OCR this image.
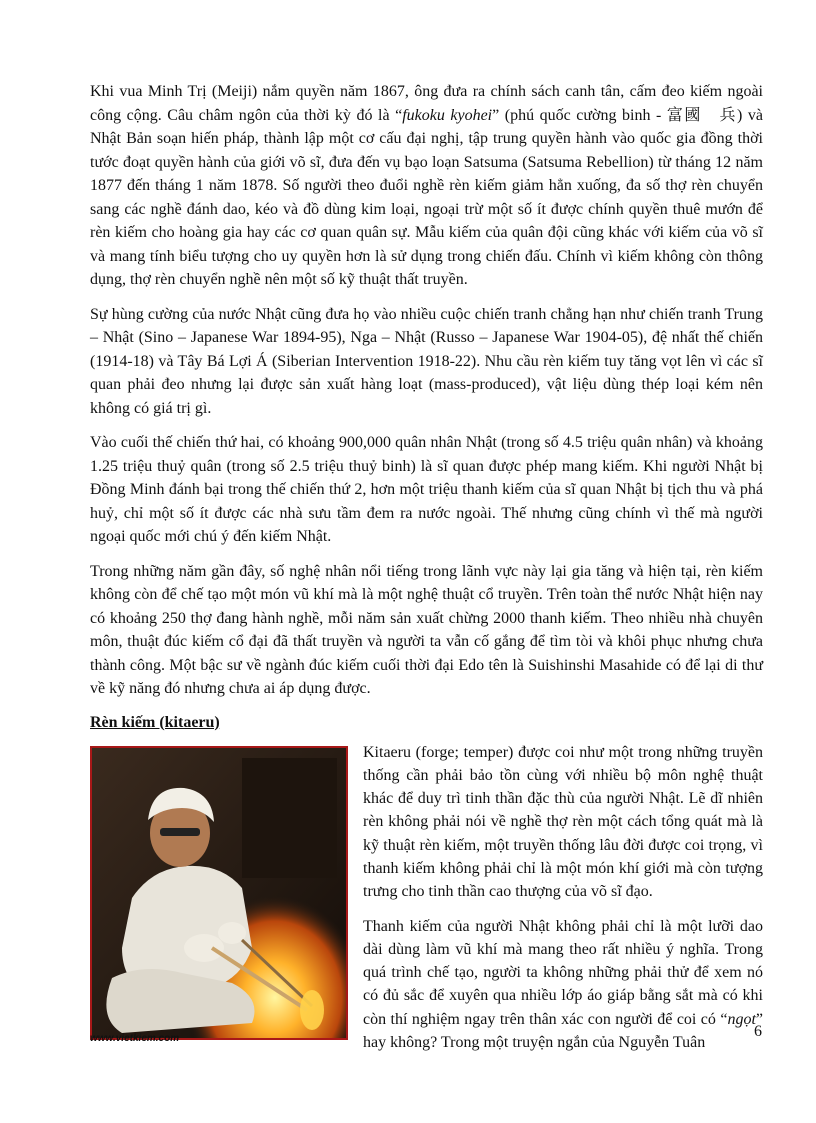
Khi vua Minh Trị (Meiji) nắm quyền năm 1867, ông đưa ra chính sách canh tân, cấm đeo kiếm ngoài công cộng. Câu châm ngôn của thời kỳ đó là “fukoku kyohei” (phú quốc cường binh - 富國　兵) và Nhật Bản soạn hiến pháp, thành lập một cơ cấu đại nghị, tập trung quyền hành vào quốc gia đồng thời tước đoạt quyền hành của giới võ sĩ, đưa đến vụ bạo loạn Satsuma (Satsuma Rebellion) từ tháng 12 năm 1877 đến tháng 1 năm 1878. Số người theo đuổi nghề rèn kiếm giảm hẳn xuống, đa số thợ rèn chuyển sang các nghề đánh dao, kéo và đồ dùng kim loại, ngoại trừ một số ít được chính quyền thuê mướn để rèn kiếm cho hoàng gia hay các cơ quan quân sự. Mẫu kiếm của quân đội cũng khác với kiếm của võ sĩ và mang tính biểu tượng cho uy quyền hơn là sử dụng trong chiến đấu. Chính vì kiếm không còn thông dụng, thợ rèn chuyển nghề nên một số kỹ thuật thất truyền.

Sự hùng cường của nước Nhật cũng đưa họ vào nhiều cuộc chiến tranh chẳng hạn như chiến tranh Trung – Nhật (Sino – Japanese War 1894-95), Nga – Nhật (Russo – Japanese War 1904-05), đệ nhất thế chiến (1914-18) và Tây Bá Lợi Á (Siberian Intervention 1918-22). Nhu cầu rèn kiếm tuy tăng vọt lên vì các sĩ quan phải đeo nhưng lại được sản xuất hàng loạt (mass-produced), vật liệu dùng thép loại kém nên không có giá trị gì.

Vào cuối thế chiến thứ hai, có khoảng 900,000 quân nhân Nhật (trong số 4.5 triệu quân nhân) và khoảng 1.25 triệu thuỷ quân (trong số 2.5 triệu thuỷ binh) là sĩ quan được phép mang kiếm. Khi người Nhật bị Đồng Minh đánh bại trong thế chiến thứ 2, hơn một triệu thanh kiếm của sĩ quan Nhật bị tịch thu và phá huỷ, chỉ một số ít được các nhà sưu tầm đem ra nước ngoài. Thế nhưng cũng chính vì thế mà người ngoại quốc mới chú ý đến kiếm Nhật.

Trong những năm gần đây, số nghệ nhân nổi tiếng trong lãnh vực này lại gia tăng và hiện tại, rèn kiếm không còn để chế tạo một món vũ khí mà là một nghệ thuật cổ truyền. Trên toàn thể nước Nhật hiện nay có khoảng 250 thợ đang hành nghề, mỗi năm sản xuất chừng 2000 thanh kiếm. Theo nhiều nhà chuyên môn, thuật đúc kiếm cổ đại đã thất truyền và người ta vẫn cố gắng để tìm tòi và khôi phục nhưng chưa thành công. Một bậc sư về ngành đúc kiếm cuối thời đại Edo tên là Suishinshi Masahide có để lại di thư về kỹ năng đó nhưng chưa ai áp dụng được.

Rèn kiếm (kitaeru)

Kitaeru (forge; temper) được coi như một trong những truyền thống cần phải bảo tồn cùng với nhiều bộ môn nghệ thuật khác để duy trì tinh thần đặc thù của người Nhật. Lẽ dĩ nhiên rèn không phải nói về nghề thợ rèn một cách tổng quát mà là kỹ thuật rèn kiếm, một truyền thống lâu đời được coi trọng, vì thanh kiếm không phải chỉ là một món khí giới mà còn tượng trưng cho tinh thần cao thượng của võ sĩ đạo.

Thanh kiếm của người Nhật không phải chỉ là một lưỡi dao dài dùng làm vũ khí mà mang theo rất nhiều ý nghĩa. Trong quá trình chế tạo, người ta không những phải thử để xem nó có đủ sắc để xuyên qua nhiều lớp áo giáp bằng sắt mà có khi còn thí nghiệm ngay trên thân xác con người để coi có “ngọt” hay không? Trong một truyện ngắn của Nguyễn Tuân

www.vietkiem.com	6
